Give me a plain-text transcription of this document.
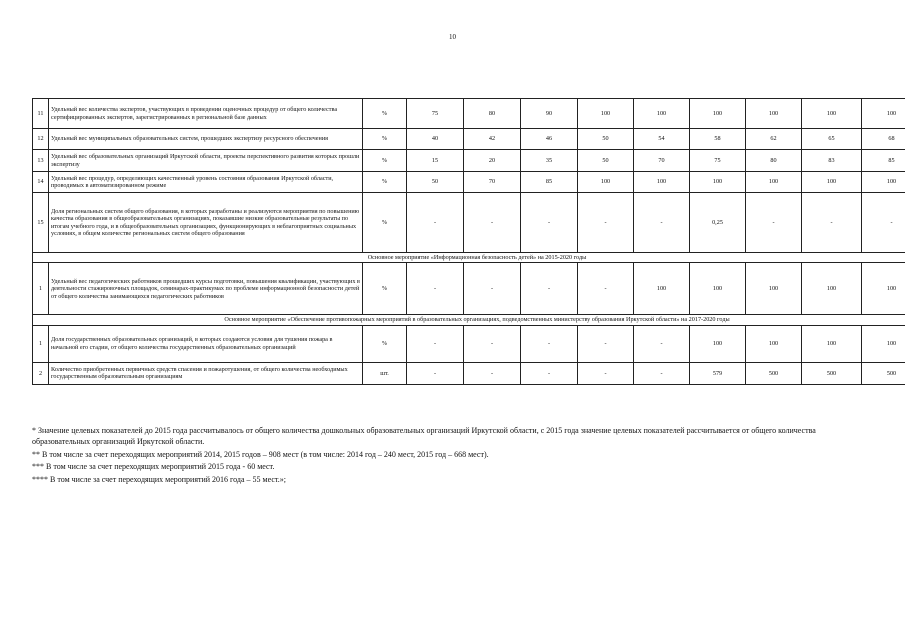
10
11	Удельный вес количества экспертов, участвующих в проведении оценочных процедур от общего количества сертифицированных экспертов, зарегистрированных в региональной базе данных	%	75	80	90	100	100	100	100	100	100
12	Удельный вес муниципальных образовательных систем, прошедших экспертизу ресурсного обеспечения	%	40	42	46	50	54	58	62	65	68
13	Удельный вес образовательных организаций Иркутской области, проекты перспективного развития которых прошли экспертизу	%	15	20	35	50	70	75	80	83	85
14	Удельный вес процедур, определяющих качественный уровень состояния образования Иркутской области, проводимых в автоматизированном режиме	%	50	70	85	100	100	100	100	100	100
15	Доля региональных систем общего образования, в которых разработаны и реализуются мероприятия по повышению качества образования в общеобразовательных организациях, показавшие низкие образовательные результаты по итогам учебного года, и в общеобразовательных организациях, функционирующих в неблагоприятных социальных условиях, в общем количестве региональных систем общего образования	%	-	-	-	-	-	0,25	-	-	-
Основное мероприятие «Информационная безопасность детей» на 2015-2020 годы											
1	Удельный вес педагогических работников прошедших курсы подготовки, повышения квалификации, участвующих в деятельности стажировочных площадок, семинарах-практикумах по проблеме информационной безопасности детей от общего количества занимающихся педагогических работников	%	-	-	-	-	100	100	100	100	100
Основное мероприятие «Обеспечение противопожарных мероприятий в образовательных организациях, подведомственных министерству образования Иркутской области» на 2017-2020 годы											
1	Доля государственных образовательных организаций, в которых создаются условия для тушения пожара в начальной его стадии, от общего количества государственных образовательных организаций	%	-	-	-	-	-	100	100	100	100
2	Количество приобретенных первичных средств спасения и пожаротушения, от общего количества необходимых государственным образовательным организациям	шт.	-	-	-	-	-	579	500	500	500

* Значение целевых показателей до 2015 года рассчитывалось от общего количества дошкольных образовательных организаций Иркутской области, с 2015 года значение целевых показателей рассчитывается от общего количества образовательных организаций Иркутской области.

** В том числе за счет переходящих мероприятий 2014, 2015 годов – 908 мест (в том числе: 2014 год – 240 мест, 2015 год – 668 мест).

*** В том числе за счет переходящих мероприятий 2015 года - 60 мест.

**** В том числе за счет переходящих мероприятий 2016 года – 55 мест.»;
